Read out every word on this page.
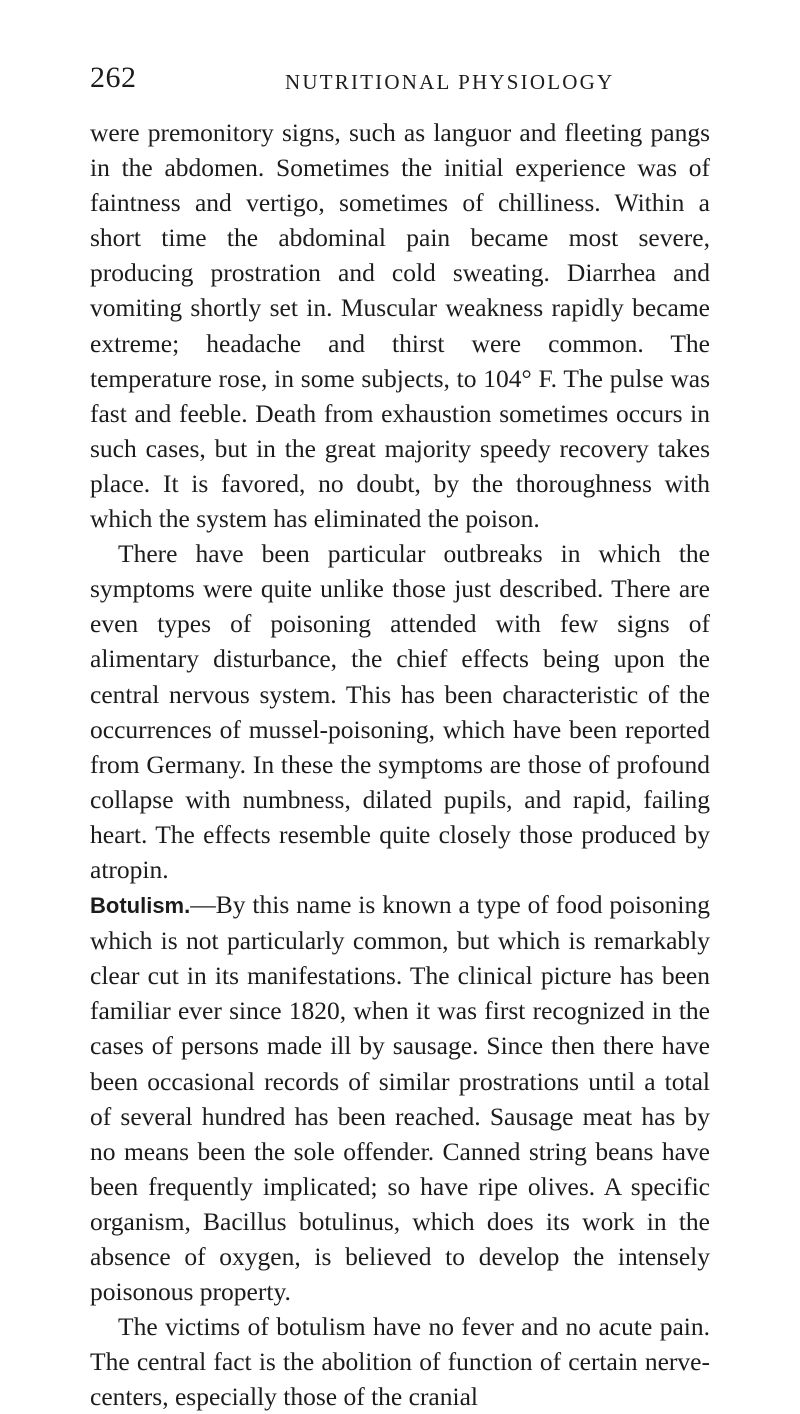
262	NUTRITIONAL PHYSIOLOGY

were premonitory signs, such as languor and fleeting pangs in the abdomen. Sometimes the initial experience was of faintness and vertigo, sometimes of chilliness. Within a short time the abdominal pain became most severe, producing prostration and cold sweating. Diarrhea and vomiting shortly set in. Muscular weakness rapidly became extreme; headache and thirst were common. The temperature rose, in some subjects, to 104° F. The pulse was fast and feeble. Death from exhaustion sometimes occurs in such cases, but in the great majority speedy recovery takes place. It is favored, no doubt, by the thoroughness with which the system has eliminated the poison.

There have been particular outbreaks in which the symptoms were quite unlike those just described. There are even types of poisoning attended with few signs of alimentary disturbance, the chief effects being upon the central nervous system. This has been characteristic of the occurrences of mussel-poisoning, which have been reported from Germany. In these the symptoms are those of profound collapse with numbness, dilated pupils, and rapid, failing heart. The effects resemble quite closely those produced by atropin.

Botulism.—By this name is known a type of food poisoning which is not particularly common, but which is remarkably clear cut in its manifestations. The clinical picture has been familiar ever since 1820, when it was first recognized in the cases of persons made ill by sausage. Since then there have been occasional records of similar prostrations until a total of several hundred has been reached. Sausage meat has by no means been the sole offender. Canned string beans have been frequently implicated; so have ripe olives. A specific organism, Bacillus botulinus, which does its work in the absence of oxygen, is believed to develop the intensely poisonous property.

The victims of botulism have no fever and no acute pain. The central fact is the abolition of function of certain nerve-centers, especially those of the cranial
